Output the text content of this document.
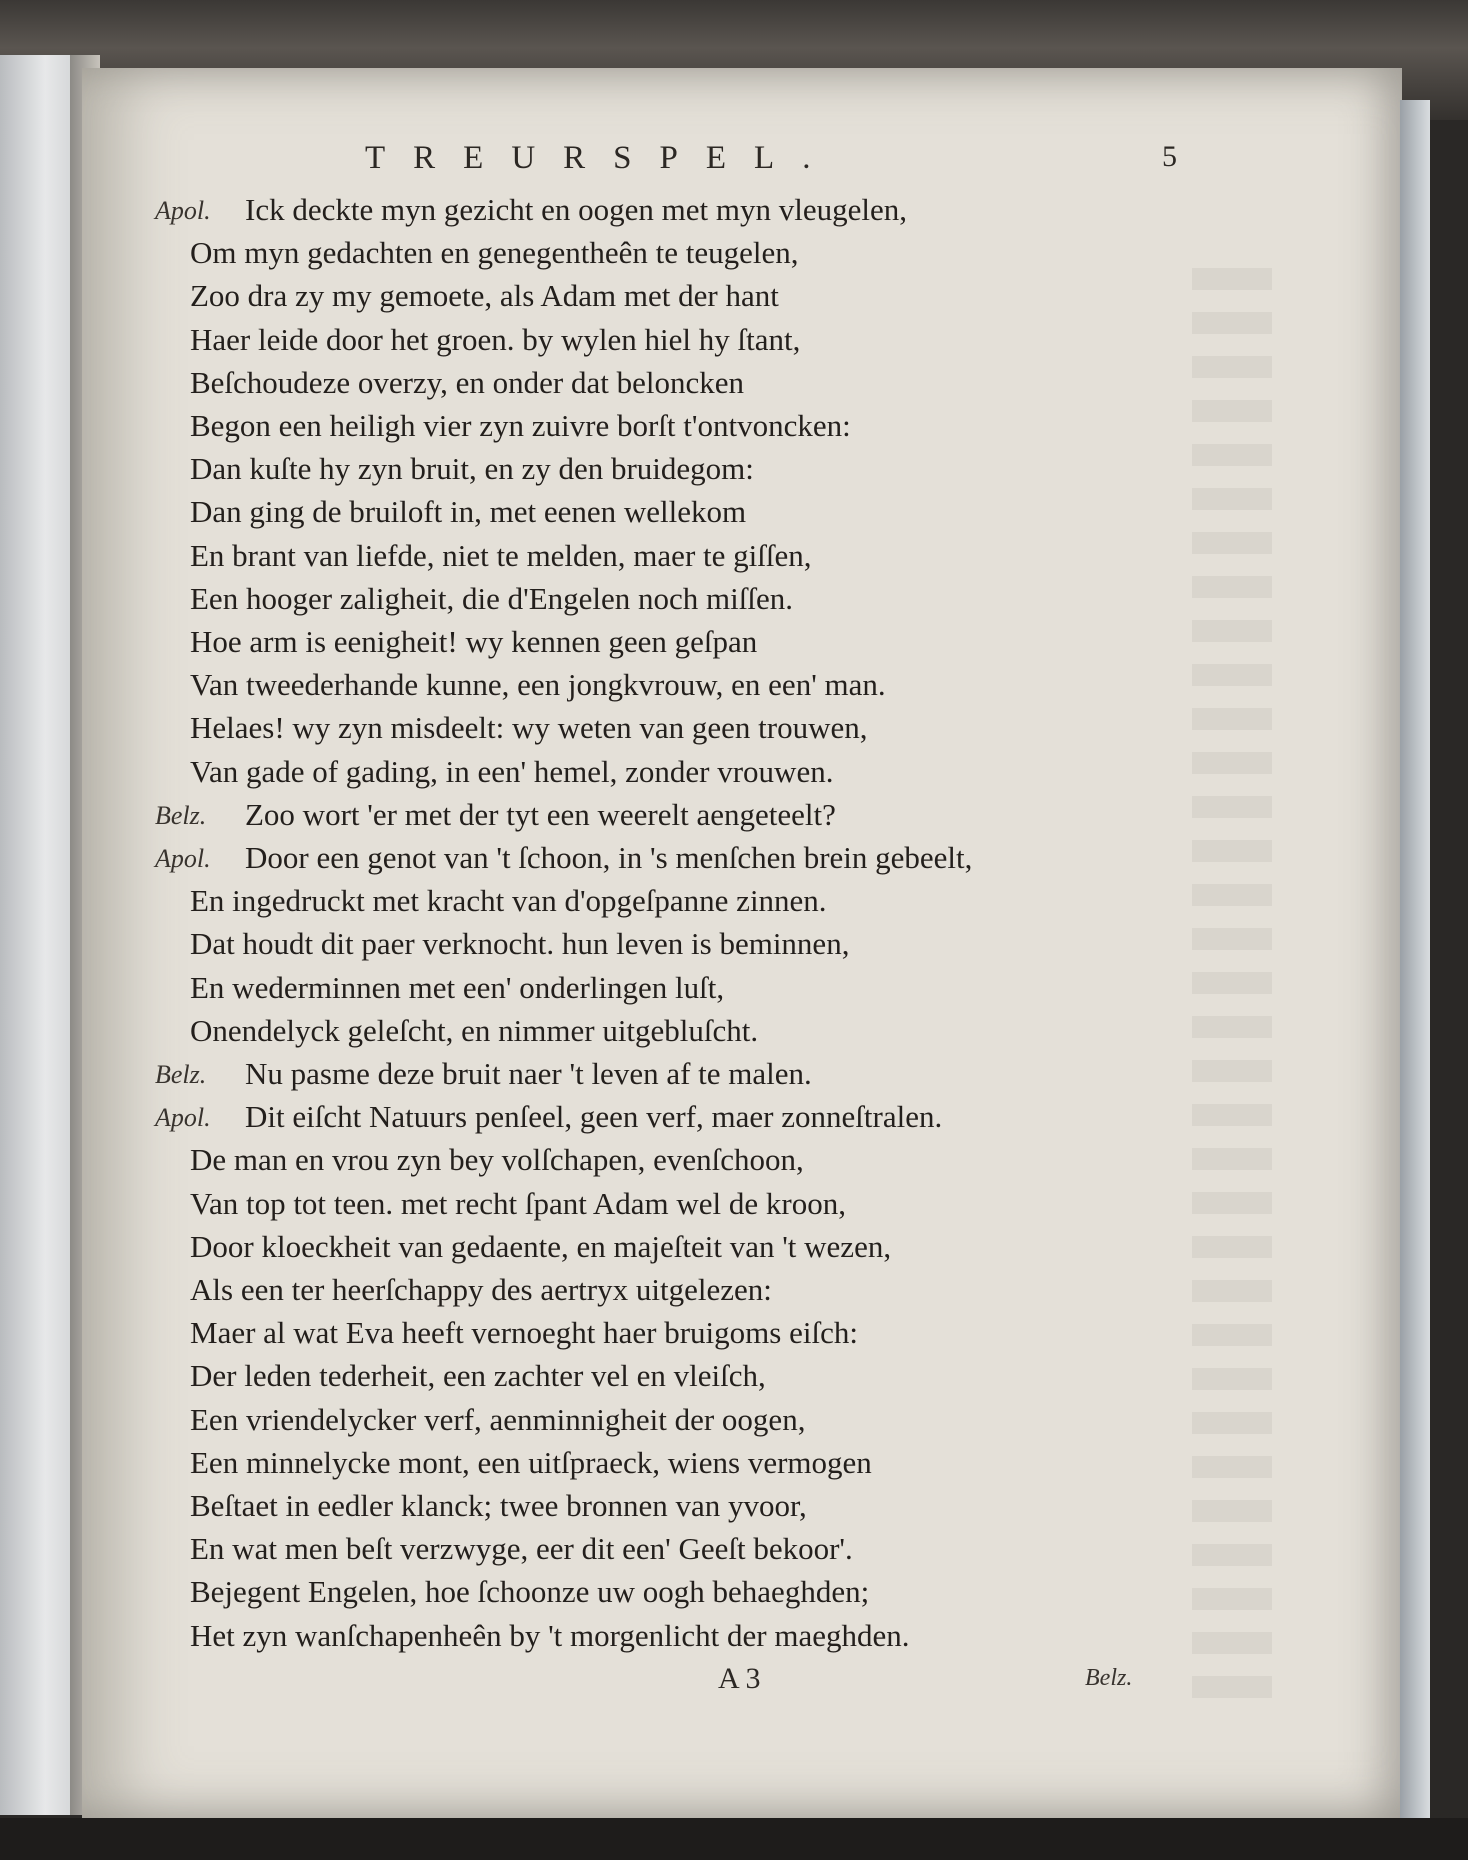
TREURSPEL.	5
Apol. Ick deckte myn gezicht en oogen met myn vleugelen,
Om myn gedachten en genegentheên te teugelen,
Zoo dra zy my gemoete, als Adam met der hant
Haer leide door het groen. by wylen hiel hy ſtant,
Beſchoudeze overzy, en onder dat beloncken
Begon een heiligh vier zyn zuivre borſt t'ontvoncken:
Dan kuſte hy zyn bruit, en zy den bruidegom:
Dan ging de bruiloft in, met eenen wellekom
En brant van liefde, niet te melden, maer te giſſen,
Een hooger zaligheit, die d'Engelen noch miſſen.
Hoe arm is eenigheit! wy kennen geen geſpan
Van tweederhande kunne, een jongkvrouw, en een' man.
Helaes! wy zyn misdeelt: wy weten van geen trouwen,
Van gade of gading, in een' hemel, zonder vrouwen.
Belz. Zoo wort 'er met der tyt een weerelt aengeteelt?
Apol. Door een genot van 't ſchoon, in 's menſchen brein gebeelt,
En ingedruckt met kracht van d'opgeſpanne zinnen.
Dat houdt dit paer verknocht. hun leven is beminnen,
En wederminnen met een' onderlingen luſt,
Onendelyck geleſcht, en nimmer uitgebluſcht.
Belz. Nu pasme deze bruit naer 't leven af te malen.
Apol. Dit eiſcht Natuurs penſeel, geen verf, maer zonneſtralen.
De man en vrou zyn bey volſchapen, evenſchoon,
Van top tot teen. met recht ſpant Adam wel de kroon,
Door kloeckheit van gedaente, en majeſteit van 't wezen,
Als een ter heerſchappy des aertryx uitgelezen:
Maer al wat Eva heeft vernoeght haer bruigoms eiſch:
Der leden tederheit, een zachter vel en vleiſch,
Een vriendelycker verf, aenminnigheit der oogen,
Een minnelycke mont, een uitſpraeck, wiens vermogen
Beſtaet in eedler klanck; twee bronnen van yvoor,
En wat men beſt verzwyge, eer dit een' Geeſt bekoor'.
Bejegent Engelen, hoe ſchoonze uw oogh behaeghden;
Het zyn wanſchapenheên by 't morgenlicht der maeghden.
A 3	Belz.
